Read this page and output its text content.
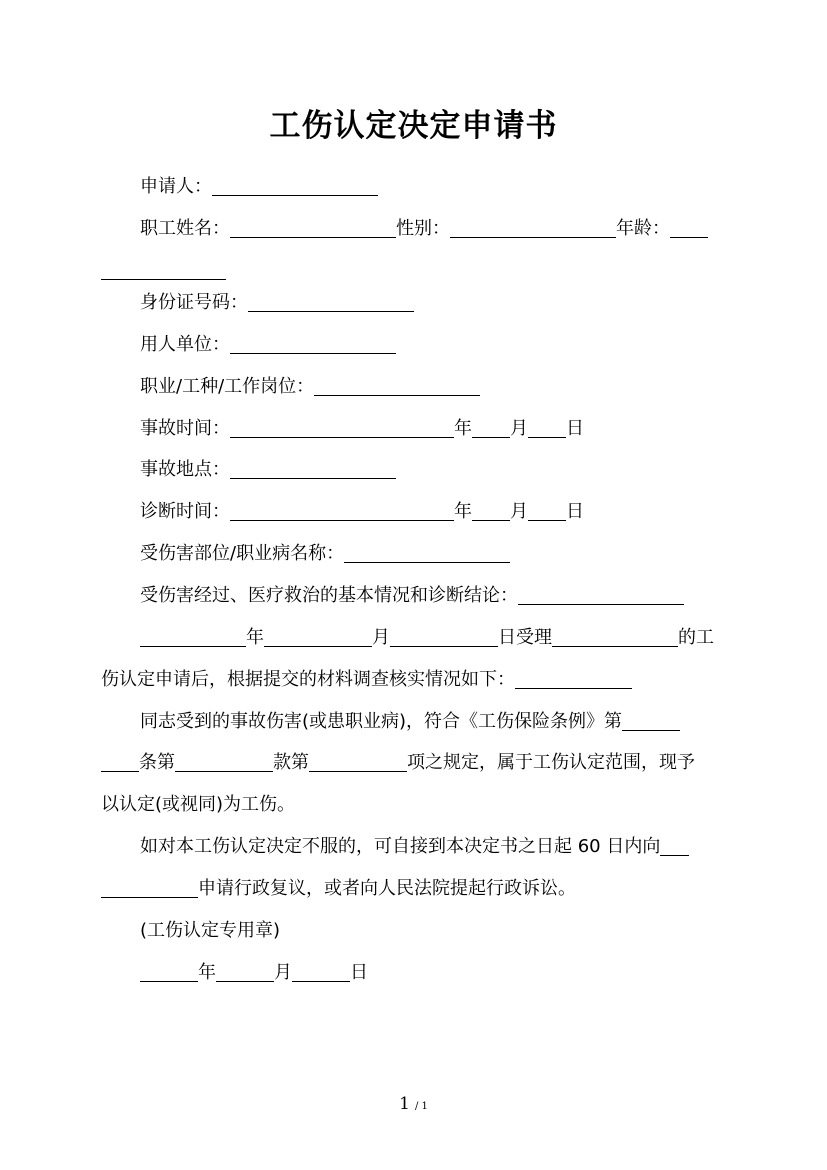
工伤认定决定申请书
申请人：
职工姓名：	性别：	年龄：
身份证号码：
用人单位：
职业/工种/工作岗位：
事故时间：	年 月 日
事故地点：
诊断时间：	年 月 日
受伤害部位/职业病名称：
受伤害经过、医疗救治的基本情况和诊断结论：
年	月	日受理	的工
伤认定申请后，根据提交的材料调查核实情况如下：
同志受到的事故伤害(或患职业病)，符合《工伤保险条例》第
条第	款第	项之规定，属于工伤认定范围，现予
以认定(或视同)为工伤。
如对本工伤认定决定不服的，可自接到本决定书之日起 60 日内向
申请行政复议，或者向人民法院提起行政诉讼。
(工伤认定专用章)
年	月	日
1 / 1
